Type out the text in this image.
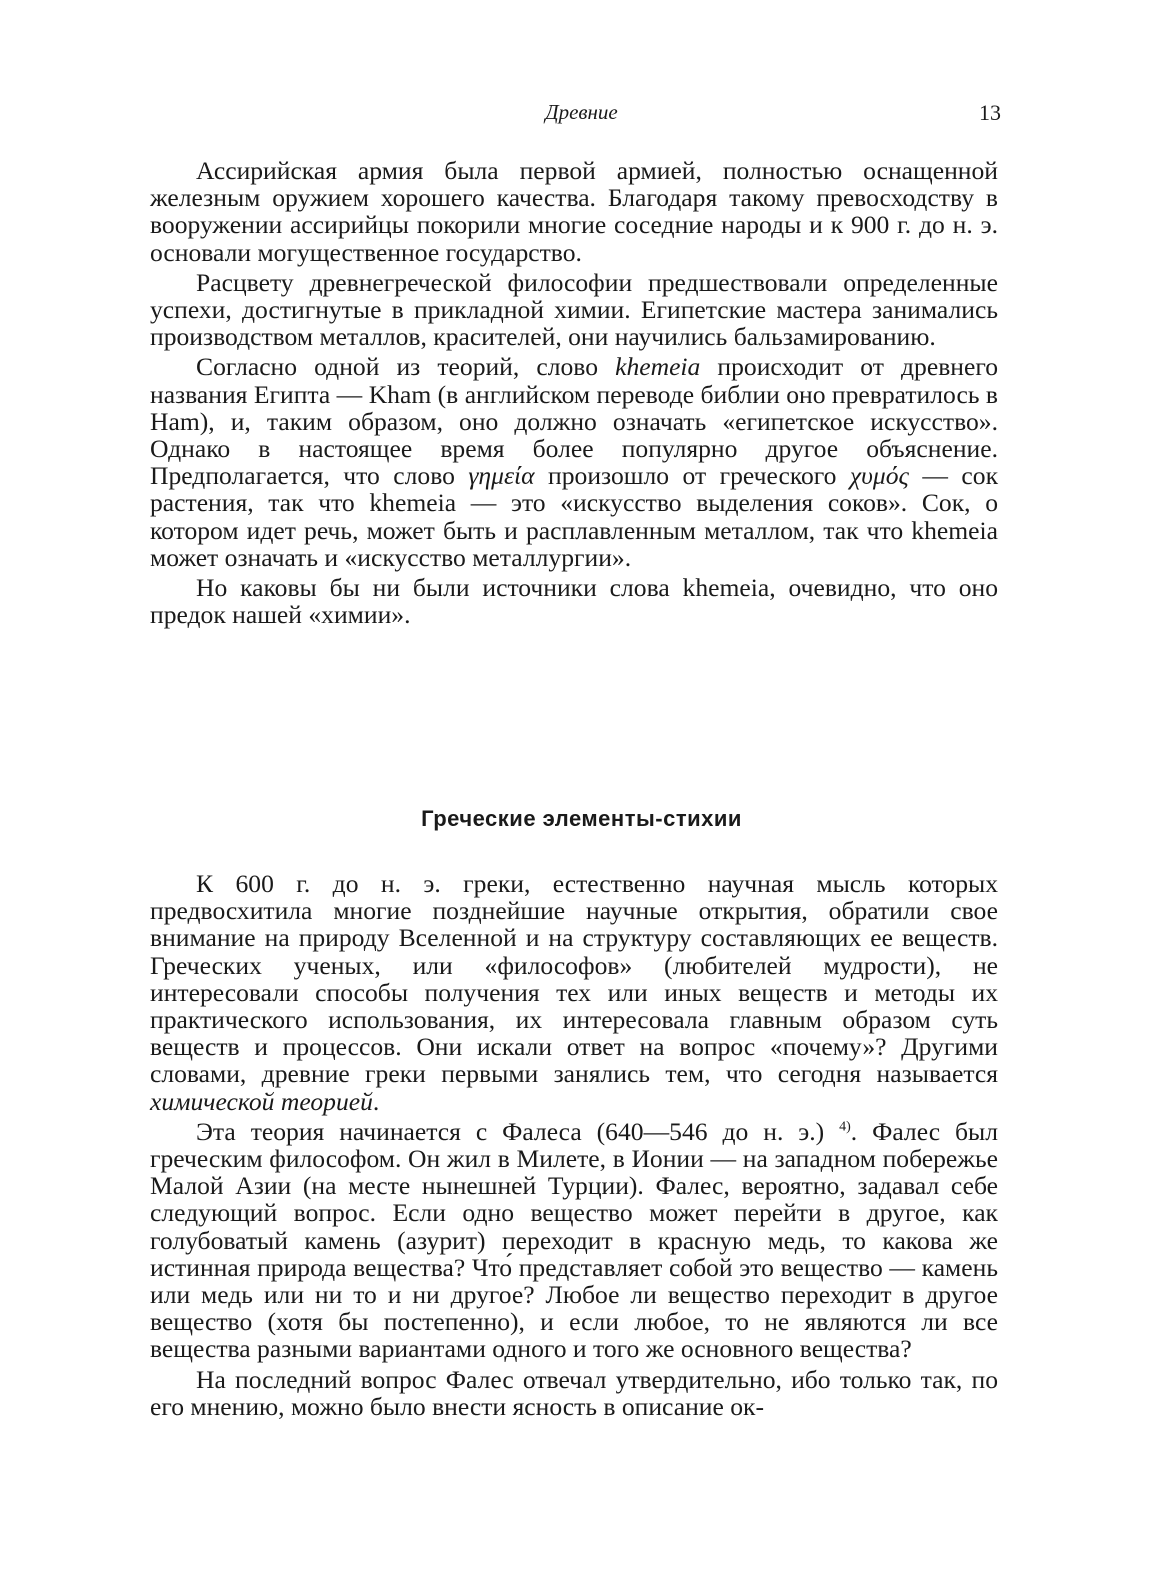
Древние	13

Ассирийская армия была первой армией, полностью оснащенной железным оружием хорошего качества. Благодаря такому превосходству в вооружении ассирийцы покорили многие соседние народы и к 900 г. до н. э. основали могущественное государство.

Расцвету древнегреческой философии предшествовали определенные успехи, достигнутые в прикладной химии. Египетские мастера занимались производством металлов, красителей, они научились бальзамированию.

Согласно одной из теорий, слово khemeia происходит от древнего названия Египта — Kham (в английском переводе библии оно превратилось в Ham), и, таким образом, оно должно означать «египетское искусство». Однако в настоящее время более популярно другое объяснение. Предполагается, что слово γημεία произошло от греческого χυμός — сок растения, так что khemeia — это «искусство выделения соков». Сок, о котором идет речь, может быть и расплавленным металлом, так что khemeia может означать и «искусство металлургии».

Но каковы бы ни были источники слова khemeia, очевидно, что оно предок нашей «химии».

Греческие элементы-стихии

К 600 г. до н. э. греки, естественно научная мысль которых предвосхитила многие позднейшие научные открытия, обратили свое внимание на природу Вселенной и на структуру составляющих ее веществ. Греческих ученых, или «философов» (любителей мудрости), не интересовали способы получения тех или иных веществ и методы их практического использования, их интересовала главным образом суть веществ и процессов. Они искали ответ на вопрос «почему»? Другими словами, древние греки первыми занялись тем, что сегодня называется химической теорией.

Эта теория начинается с Фалеса (640—546 до н. э.) $^{4)}$. Фалес был греческим философом. Он жил в Милете, в Ионии — на западном побережье Малой Азии (на месте нынешней Турции). Фалес, вероятно, задавал себе следующий вопрос. Если одно вещество может перейти в другое, как голубоватый камень (азурит) переходит в красную медь, то какова же истинная природа вещества? Что́ представляет собой это вещество — камень или медь или ни то и ни другое? Любое ли вещество переходит в другое вещество (хотя бы постепенно), и если любое, то не являются ли все вещества разными вариантами одного и того же основного вещества?

На последний вопрос Фалес отвечал утвердительно, ибо только так, по его мнению, можно было внести ясность в описание ок-
